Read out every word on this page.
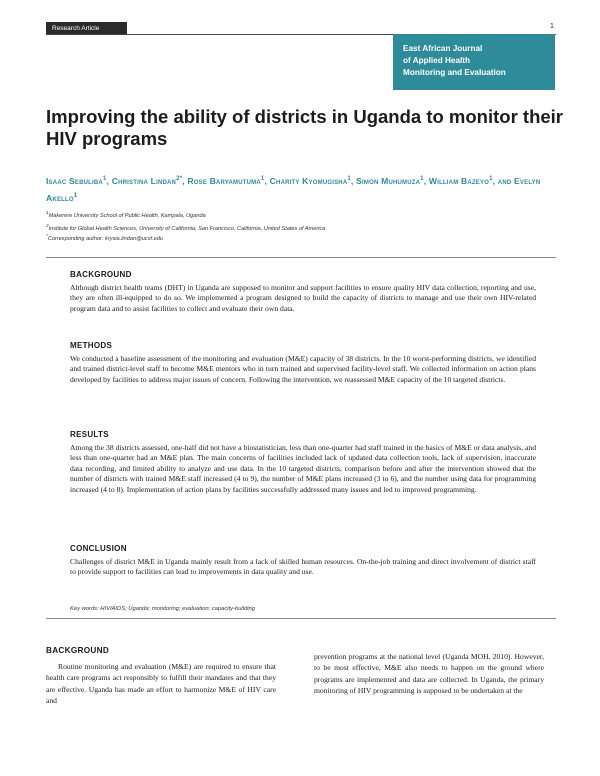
Research Article	1
East African Journal
of Applied Health
Monitoring and Evaluation
Improving the ability of districts in Uganda to monitor their HIV programs
Isaac Sebuliba$^1$, Christina Lindan$^{2*}$, Rose Baryamutuma$^1$, Charity Kyomugisha$^1$, Simon Muhumuza$^1$, William Bazeyo$^1$, and Evelyn Akello$^1$
$^1$Makerere University School of Public Health, Kampala, Uganda
$^2$Institute for Global Health Sciences, University of California, San Francisco, California, United States of America
*Corresponding author: krysia.lindan@ucsf.edu
BACKGROUND

Although district health teams (DHT) in Uganda are supposed to monitor and support facilities to ensure quality HIV data collection, reporting and use, they are often ill-equipped to do so. We implemented a program designed to build the capacity of districts to manage and use their own HIV-related program data and to assist facilities to collect and evaluate their own data.

METHODS

We conducted a baseline assessment of the monitoring and evaluation (M&E) capacity of 38 districts. In the 10 worst-performing districts, we identified and trained district-level staff to become M&E mentors who in turn trained and supervised facility-level staff. We collected information on action plans developed by facilities to address major issues of concern. Following the intervention, we reassessed M&E capacity of the 10 targeted districts.

RESULTS

Among the 38 districts assessed, one-half did not have a biostatistician, less than one-quarter had staff trained in the basics of M&E or data analysis, and less than one-quarter had an M&E plan. The main concerns of facilities included lack of updated data collection tools, lack of supervision, inaccurate data recording, and limited ability to analyze and use data. In the 10 targeted districts, comparison before and after the intervention showed that the number of districts with trained M&E staff increased (4 to 9), the number of M&E plans increased (3 to 6), and the number using data for programming increased (4 to 8). Implementation of action plans by facilities successfully addressed many issues and led to improved programming.

CONCLUSION

Challenges of district M&E in Uganda mainly result from a lack of skilled human resources. On-the-job training and direct involvement of district staff to provide support to facilities can lead to improvements in data quality and use.

Key words: HIV/AIDS; Uganda; monitoring; evaluation; capacity-building
BACKGROUND
Routine monitoring and evaluation (M&E) are required to ensure that health care programs act responsibly to fulfill their mandates and that they are effective. Uganda has made an effort to harmonize M&E of HIV care and
prevention programs at the national level (Uganda MOH, 2010). However, to be most effective, M&E also needs to happen on the ground where programs are implemented and data are collected. In Uganda, the primary monitoring of HIV programming is supposed to be undertaken at the
